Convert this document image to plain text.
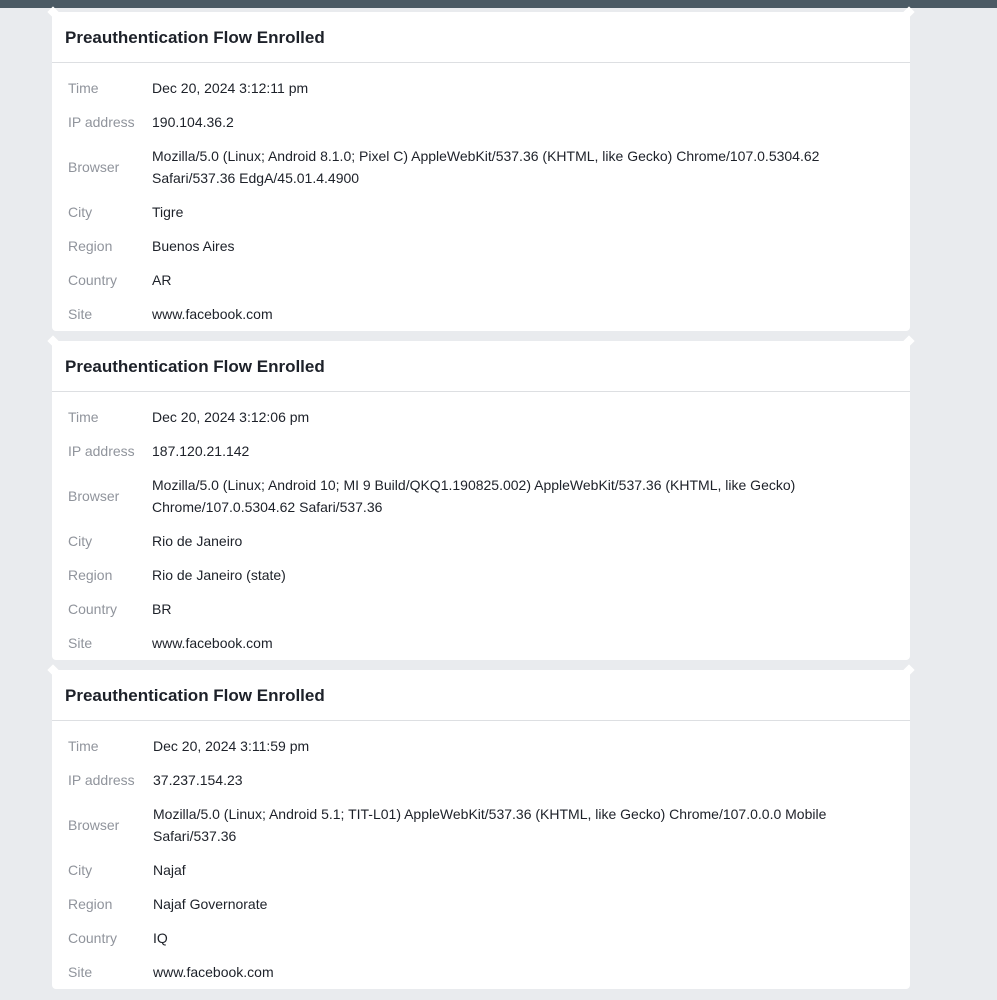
Preauthentication Flow Enrolled
Time	Dec 20, 2024 3:12:11 pm
IP address	190.104.36.2
Browser	Mozilla/5.0 (Linux; Android 8.1.0; Pixel C) AppleWebKit/537.36 (KHTML, like Gecko) Chrome/107.0.5304.62 Safari/537.36 EdgA/45.01.4.4900
City	Tigre
Region	Buenos Aires
Country	AR
Site	www.facebook.com
Preauthentication Flow Enrolled
Time	Dec 20, 2024 3:12:06 pm
IP address	187.120.21.142
Browser	Mozilla/5.0 (Linux; Android 10; MI 9 Build/QKQ1.190825.002) AppleWebKit/537.36 (KHTML, like Gecko) Chrome/107.0.5304.62 Safari/537.36
City	Rio de Janeiro
Region	Rio de Janeiro (state)
Country	BR
Site	www.facebook.com
Preauthentication Flow Enrolled
Time	Dec 20, 2024 3:11:59 pm
IP address	37.237.154.23
Browser	Mozilla/5.0 (Linux; Android 5.1; TIT-L01) AppleWebKit/537.36 (KHTML, like Gecko) Chrome/107.0.0.0 Mobile Safari/537.36
City	Najaf
Region	Najaf Governorate
Country	IQ
Site	www.facebook.com
